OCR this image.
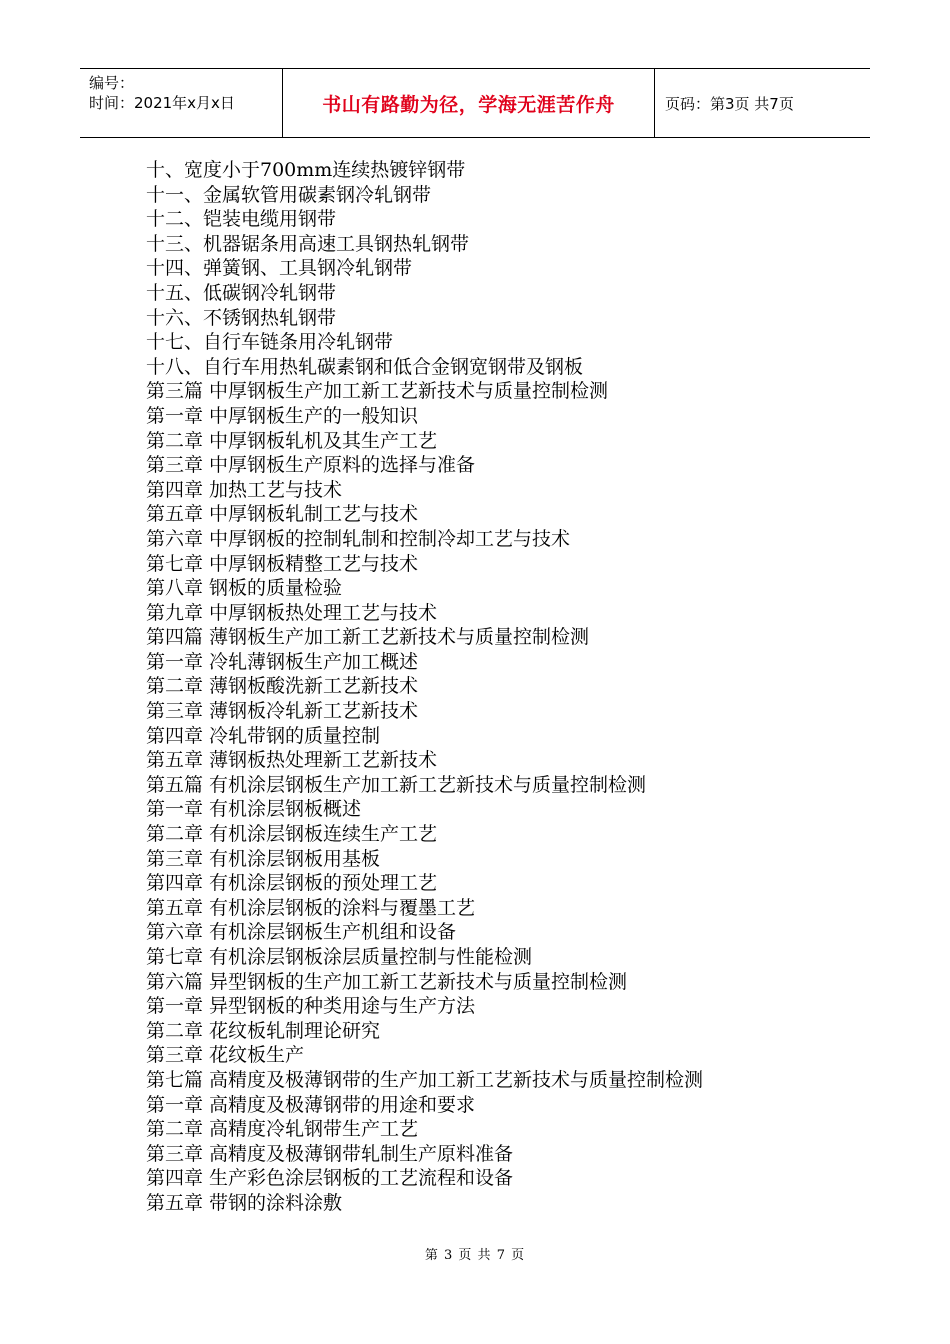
编号：
时间：2021年x月x日	书山有路勤为径，学海无涯苦作舟	页码：第3页 共7页
十、宽度小于700mm连续热镀锌钢带
十一、金属软管用碳素钢冷轧钢带
十二、铠装电缆用钢带
十三、机器锯条用高速工具钢热轧钢带
十四、弹簧钢、工具钢冷轧钢带
十五、低碳钢冷轧钢带
十六、不锈钢热轧钢带
十七、自行车链条用冷轧钢带
十八、自行车用热轧碳素钢和低合金钢宽钢带及钢板
第三篇 中厚钢板生产加工新工艺新技术与质量控制检测
第一章 中厚钢板生产的一般知识
第二章 中厚钢板轧机及其生产工艺
第三章 中厚钢板生产原料的选择与准备
第四章 加热工艺与技术
第五章 中厚钢板轧制工艺与技术
第六章 中厚钢板的控制轧制和控制冷却工艺与技术
第七章 中厚钢板精整工艺与技术
第八章 钢板的质量检验
第九章 中厚钢板热处理工艺与技术
第四篇 薄钢板生产加工新工艺新技术与质量控制检测
第一章 冷轧薄钢板生产加工概述
第二章 薄钢板酸洗新工艺新技术
第三章 薄钢板冷轧新工艺新技术
第四章 冷轧带钢的质量控制
第五章 薄钢板热处理新工艺新技术
第五篇 有机涂层钢板生产加工新工艺新技术与质量控制检测
第一章 有机涂层钢板概述
第二章 有机涂层钢板连续生产工艺
第三章 有机涂层钢板用基板
第四章 有机涂层钢板的预处理工艺
第五章 有机涂层钢板的涂料与覆墨工艺
第六章 有机涂层钢板生产机组和设备
第七章 有机涂层钢板涂层质量控制与性能检测
第六篇 异型钢板的生产加工新工艺新技术与质量控制检测
第一章 异型钢板的种类用途与生产方法
第二章 花纹板轧制理论研究
第三章 花纹板生产
第七篇 高精度及极薄钢带的生产加工新工艺新技术与质量控制检测
第一章 高精度及极薄钢带的用途和要求
第二章 高精度冷轧钢带生产工艺
第三章 高精度及极薄钢带轧制生产原料准备
第四章 生产彩色涂层钢板的工艺流程和设备
第五章 带钢的涂料涂敷
第 3 页 共 7 页
